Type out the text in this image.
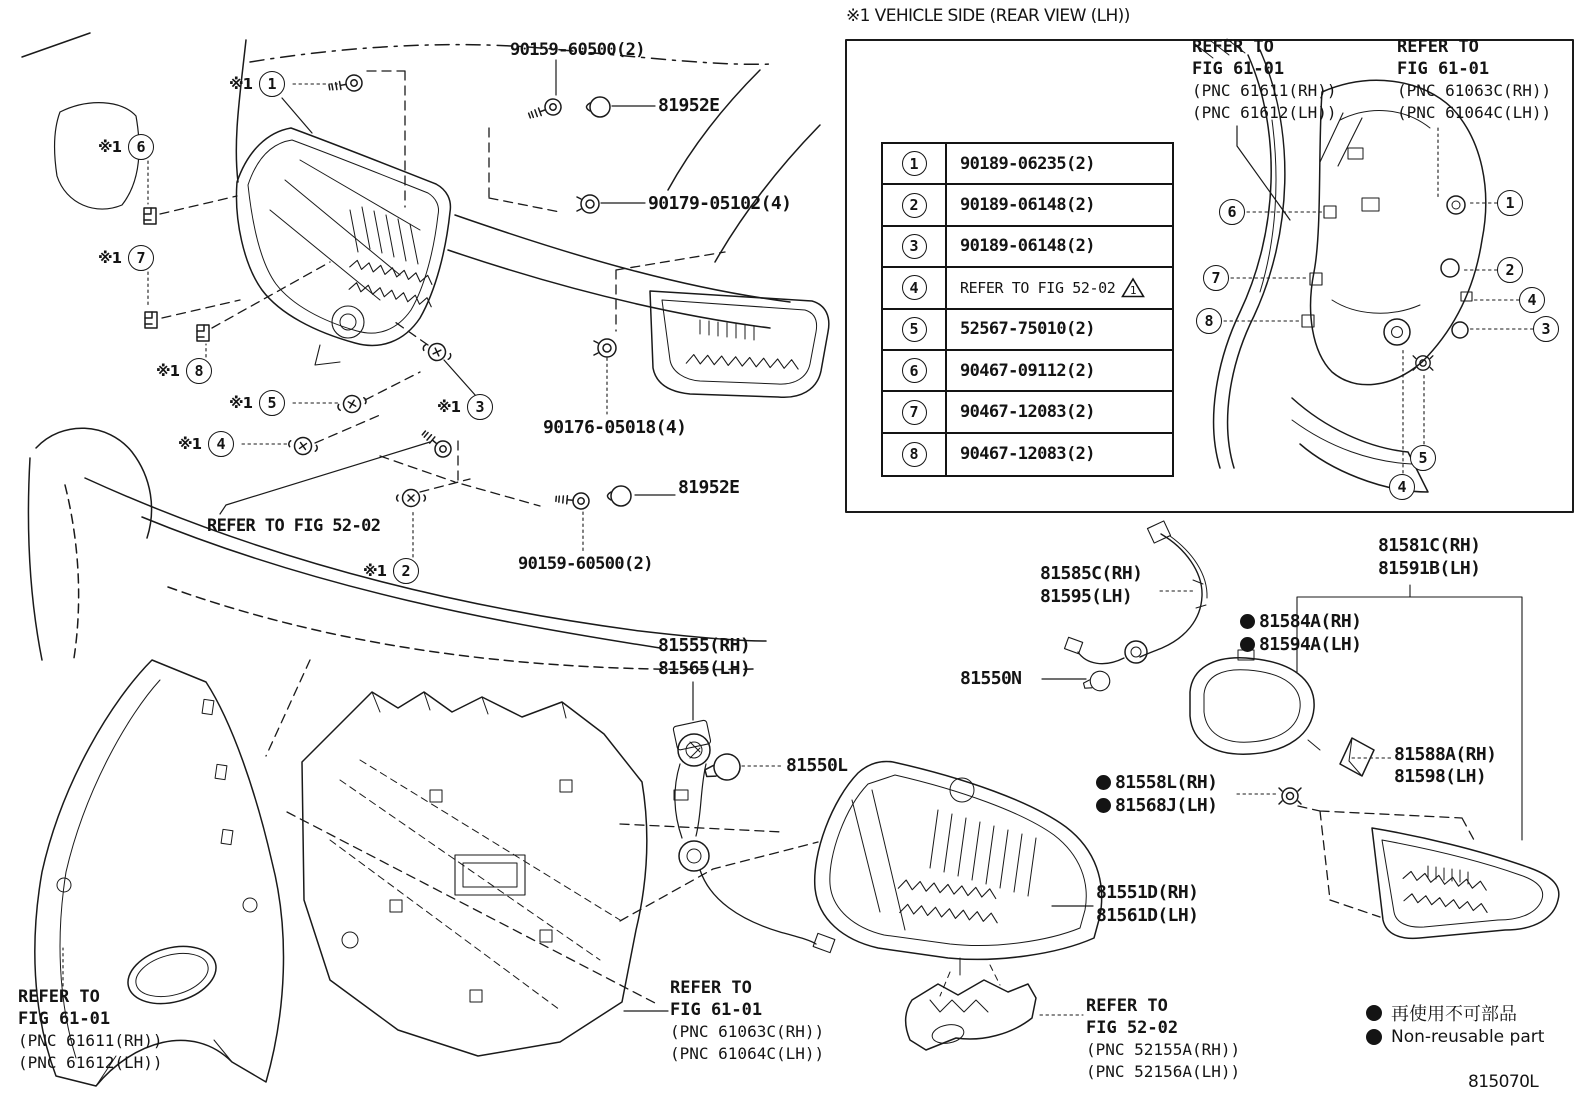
※1 VEHICLE SIDE (REAR VIEW (LH))
1	90189-06235(2)
2	90189-06148(2)
3	90189-06148(2)
4	REFER TO FIG 52-02 1
5	52567-75010(2)
6	90467-09112(2)
7	90467-12083(2)
8	90467-12083(2)
REFER TO
FIG 61-01
(PNC 61611(RH))
(PNC 61612(LH))
REFER TO
FIG 61-01
(PNC 61063C(RH))
(PNC 61064C(LH))
90159-60500(2)
81952E
90179-05102(4)
90176-05018(4)
REFER TO FIG 52-02
81952E
90159-60500(2)
81555(RH)
81565(LH)
81550L
81585C(RH)
81595(LH)
81550N
81581C(RH)
81591B(LH)
81584A(RH)
81594A(LH)
81588A(RH)
81598(LH)
81558L(RH)
81568J(LH)
81551D(RH)
81561D(LH)
REFER TO
FIG 61-01
(PNC 61611(RH))
(PNC 61612(LH))
REFER TO
FIG 61-01
(PNC 61063C(RH))
(PNC 61064C(LH))
REFER TO
FIG 52-02
(PNC 52155A(RH))
(PNC 52156A(LH))
再使用不可部品
Non-reusable part
815070L
※1	1
※1	6
※1	7
※1	8
※1	5
※1	4
※1	3
※1	2
6
7
8
1
2
4
3
5
4
